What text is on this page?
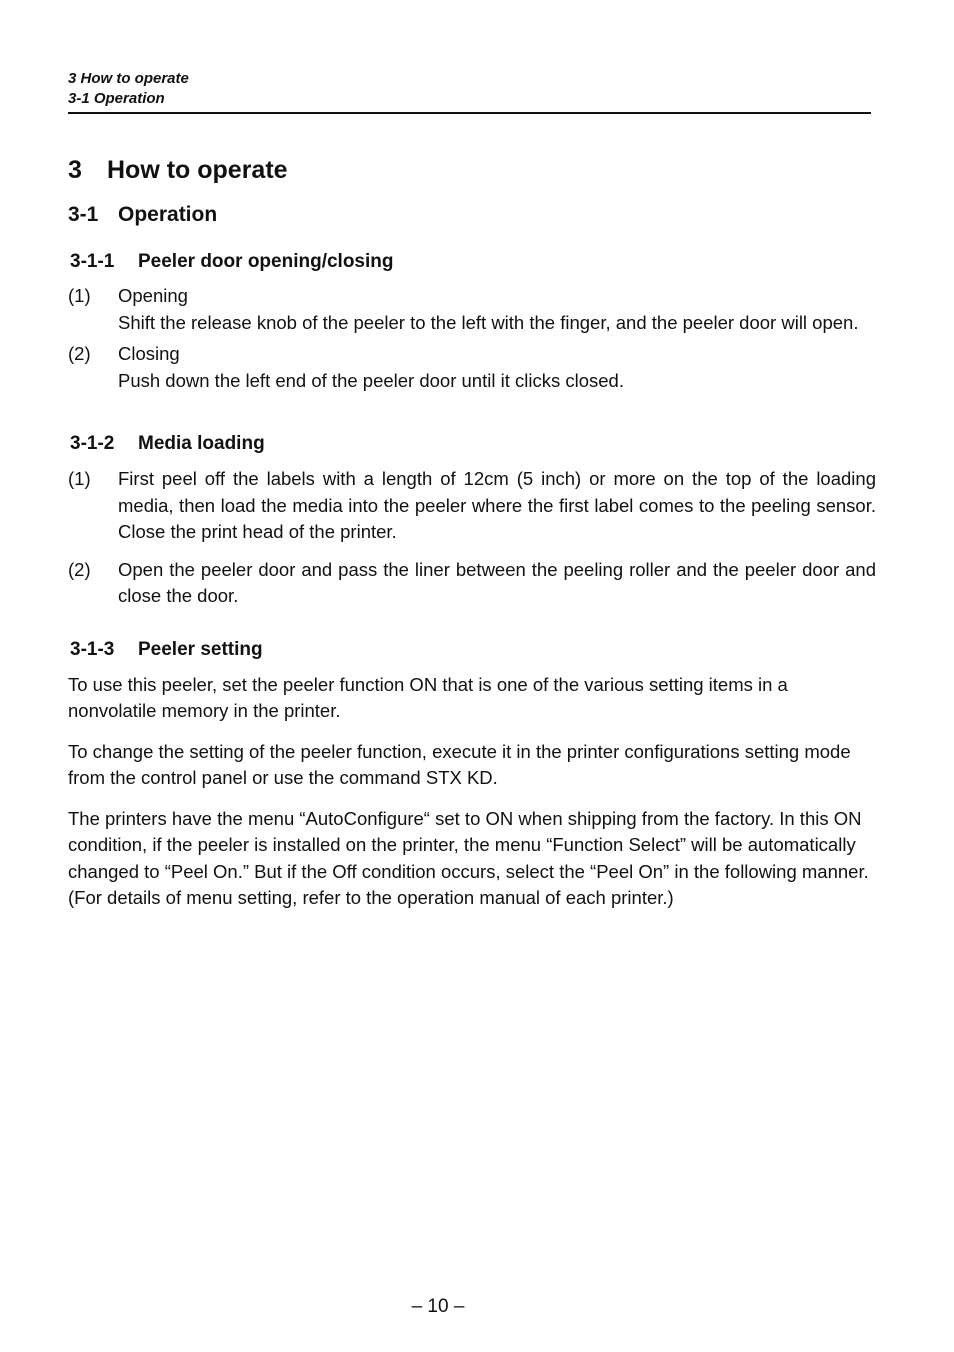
3 How to operate
3-1 Operation
3	How to operate
3-1 Operation
3-1-1	Peeler door opening/closing
(1)	Opening
Shift the release knob of the peeler to the left with the finger, and the peeler door will open.
(2)	Closing
Push down the left end of the peeler door until it clicks closed.
3-1-2	Media loading
(1)	First peel off the labels with a length of 12cm (5 inch) or more on the top of the loading media, then load the media into the peeler where the first label comes to the peeling sensor. Close the print head of the printer.
(2)	Open the peeler door and pass the liner between the peeling roller and the peeler door and close the door.
3-1-3	Peeler setting

To use this peeler, set the peeler function ON that is one of the various setting items in a nonvolatile memory in the printer.

To change the setting of the peeler function, execute it in the printer configurations setting mode from the control panel or use the command STX KD.

The printers have the menu “AutoConfigure“ set to ON when shipping from the factory. In this ON condition, if the peeler is installed on the printer, the menu “Function Select” will be automatically changed to “Peel On.” But if the Off condition occurs, select the “Peel On” in the following manner. (For details of menu setting, refer to the operation manual of each printer.)

– 10 –
